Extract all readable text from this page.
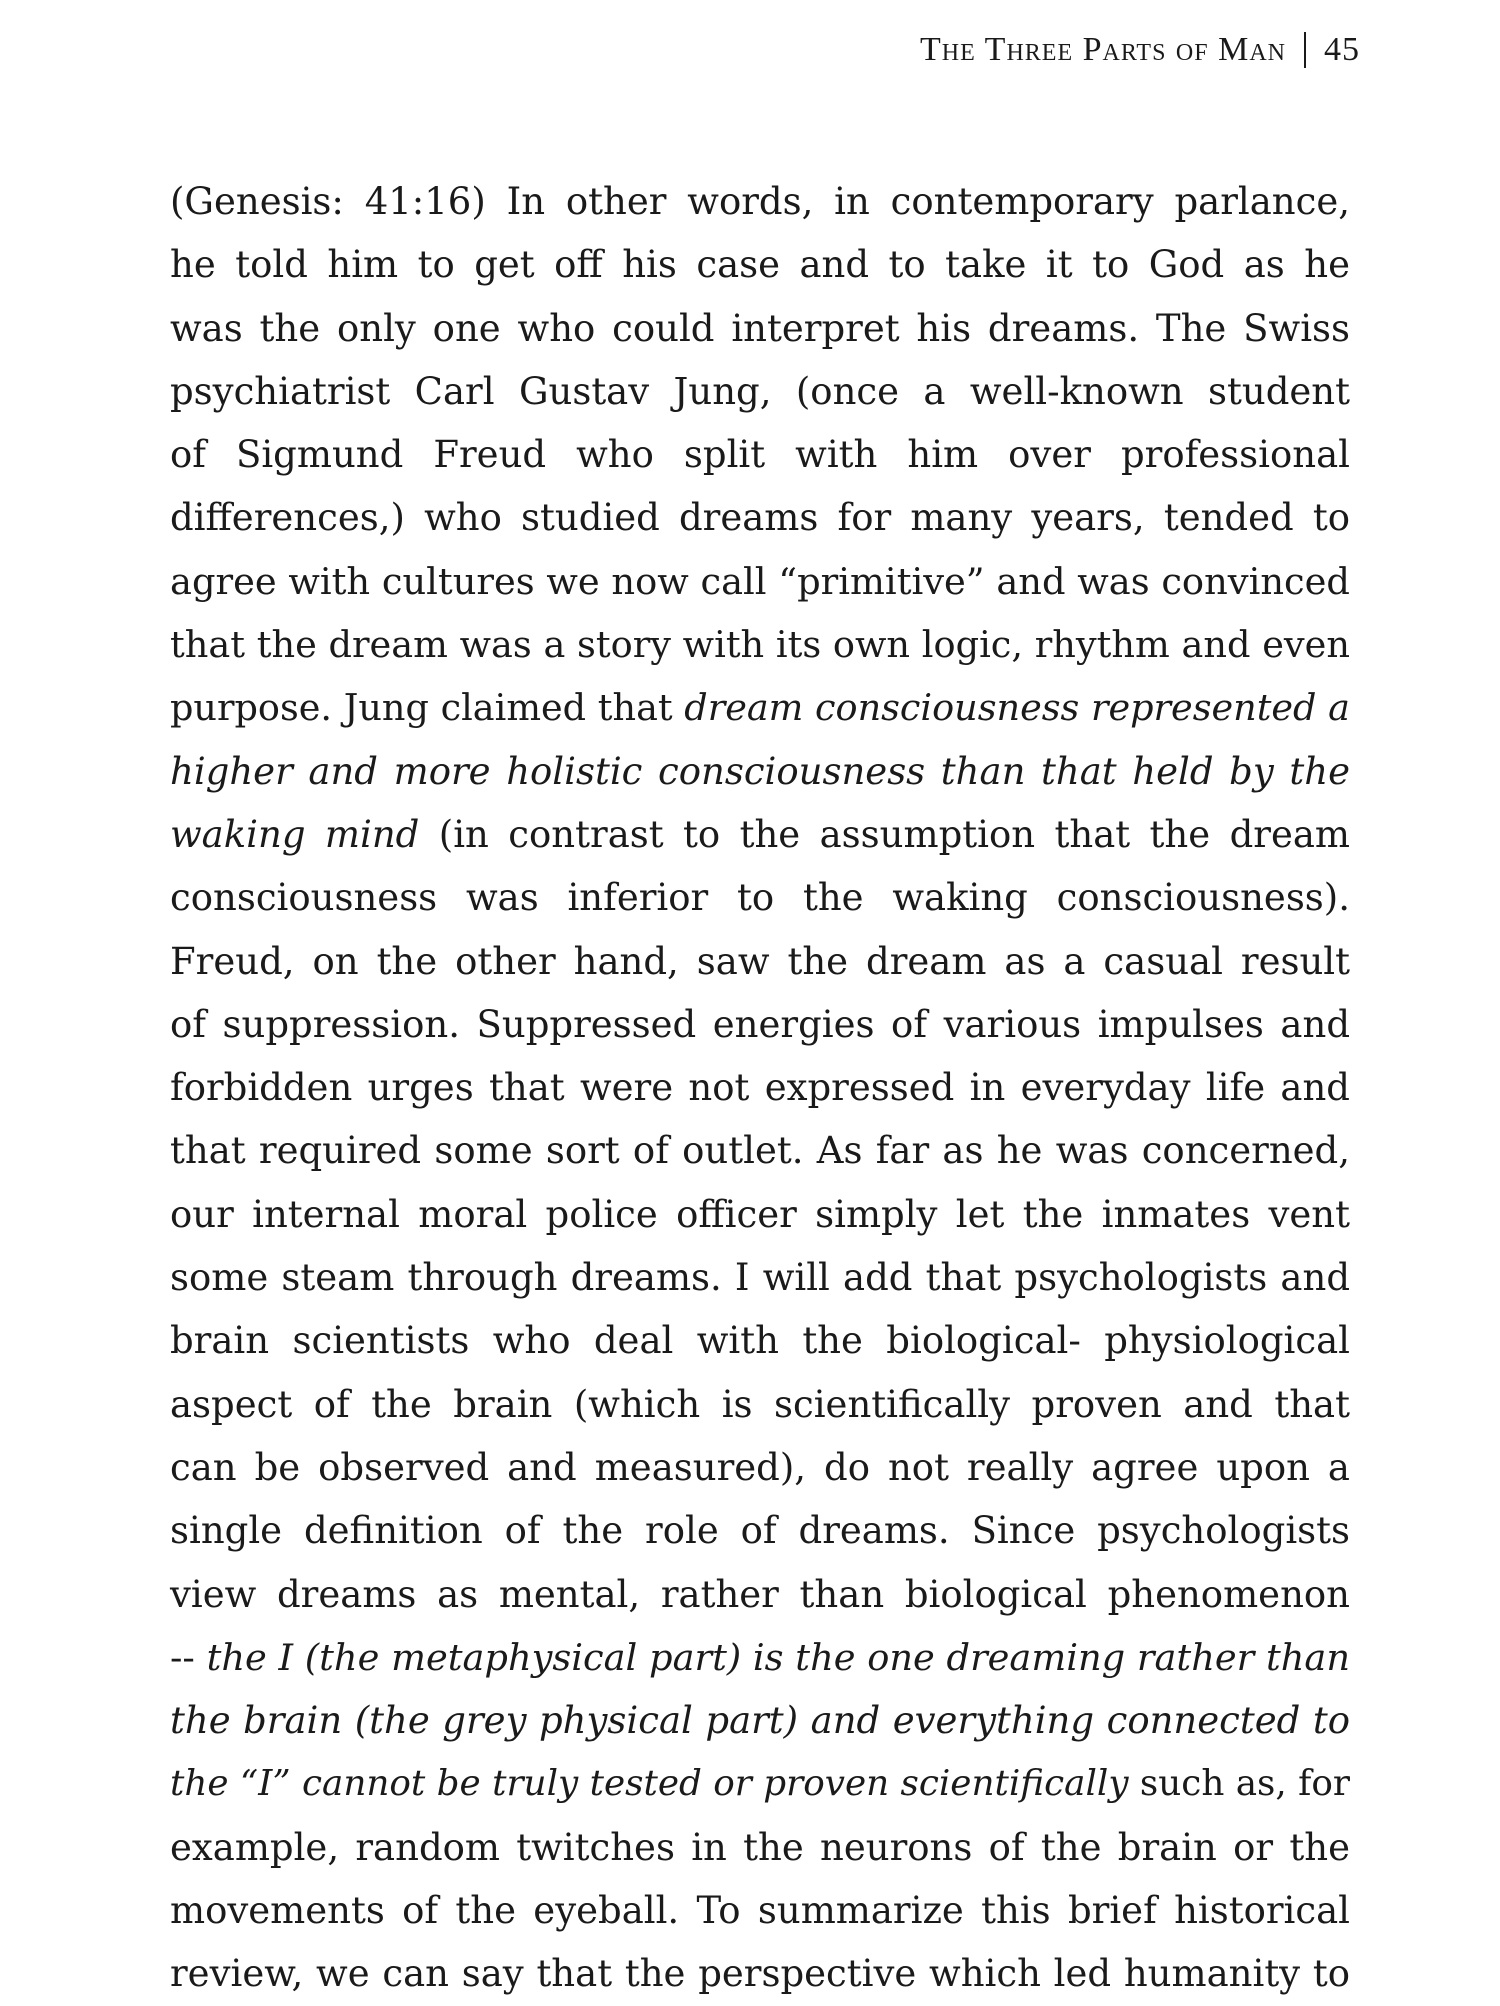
The Three Parts of Man 45
(Genesis: 41:16) In other words, in contemporary parlance,
he told him to get off his case and to take it to God as he
was the only one who could interpret his dreams. The Swiss
psychiatrist Carl Gustav Jung, (once a well-known student
of Sigmund Freud who split with him over professional
differences,) who studied dreams for many years, tended to
agree with cultures we now call “primitive” and was convinced
that the dream was a story with its own logic, rhythm and even
purpose. Jung claimed that dream consciousness represented a
higher and more holistic consciousness than that held by the
waking mind (in contrast to the assumption that the dream
consciousness was inferior to the waking consciousness).
Freud, on the other hand, saw the dream as a casual result
of suppression. Suppressed energies of various impulses and
forbidden urges that were not expressed in everyday life and
that required some sort of outlet. As far as he was concerned,
our internal moral police officer simply let the inmates vent
some steam through dreams. I will add that psychologists and
brain scientists who deal with the biological- physiological
aspect of the brain (which is scientifically proven and that
can be observed and measured), do not really agree upon a
single definition of the role of dreams. Since psychologists
view dreams as mental, rather than biological phenomenon
-- the I (the metaphysical part) is the one dreaming rather than
the brain (the grey physical part) and everything connected to
the “I” cannot be truly tested or proven scientifically such as, for
example, random twitches in the neurons of the brain or the
movements of the eyeball. To summarize this brief historical
review, we can say that the perspective which led humanity to
